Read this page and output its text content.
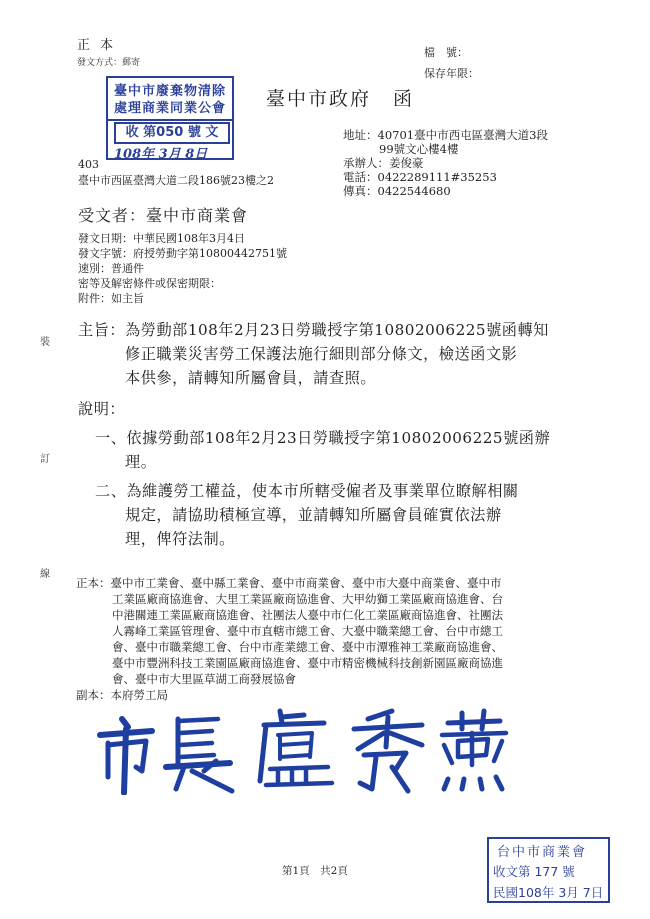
正本
發文方式：郵寄
檔　號：
保存年限：
臺中市廢棄物清除
處理商業同業公會
收 第050 號 文
108年 3月 8日
臺中市政府 函
403
臺中市西區臺灣大道二段186號23樓之2
地址：40701臺中市西屯區臺灣大道3段
99號文心樓4樓
承辦人：姜俊豪
電話：0422289111#35253
傳真：0422544680
受文者：臺中市商業會
發文日期：中華民國108年3月4日
發文字號：府授勞動字第10800442751號
速別：普通件
密等及解密條件或保密期限：
附件：如主旨
裝
訂
線
主旨：為勞動部108年2月23日勞職授字第10802006225號函轉知
修正職業災害勞工保護法施行細則部分條文，檢送函文影
本供參，請轉知所屬會員，請查照。
說明：
一、依據勞動部108年2月23日勞職授字第10802006225號函辦
理。
二、為維護勞工權益，使本市所轄受僱者及事業單位瞭解相關
規定，請協助積極宣導，並請轉知所屬會員確實依法辦
理，俾符法制。
正本：臺中市工業會、臺中縣工業會、臺中市商業會、臺中市大臺中商業會、臺中市
工業區廠商協進會、大里工業區廠商協進會、大甲幼獅工業區廠商協進會、台
中港關連工業區廠商協進會、社團法人臺中市仁化工業區廠商協進會、社團法
人霧峰工業區管理會、臺中市直轄市總工會、大臺中職業總工會、台中市總工
會、臺中市職業總工會、台中市產業總工會、臺中市潭雅神工業廠商協進會、
臺中市豐洲科技工業園區廠商協進會、臺中市精密機械科技創新園區廠商協進
會、臺中市大里區草湖工商發展協會
副本：本府勞工局
台中市商業會
收文第 177 號
民國108年 3月 7日
第1頁　共2頁
